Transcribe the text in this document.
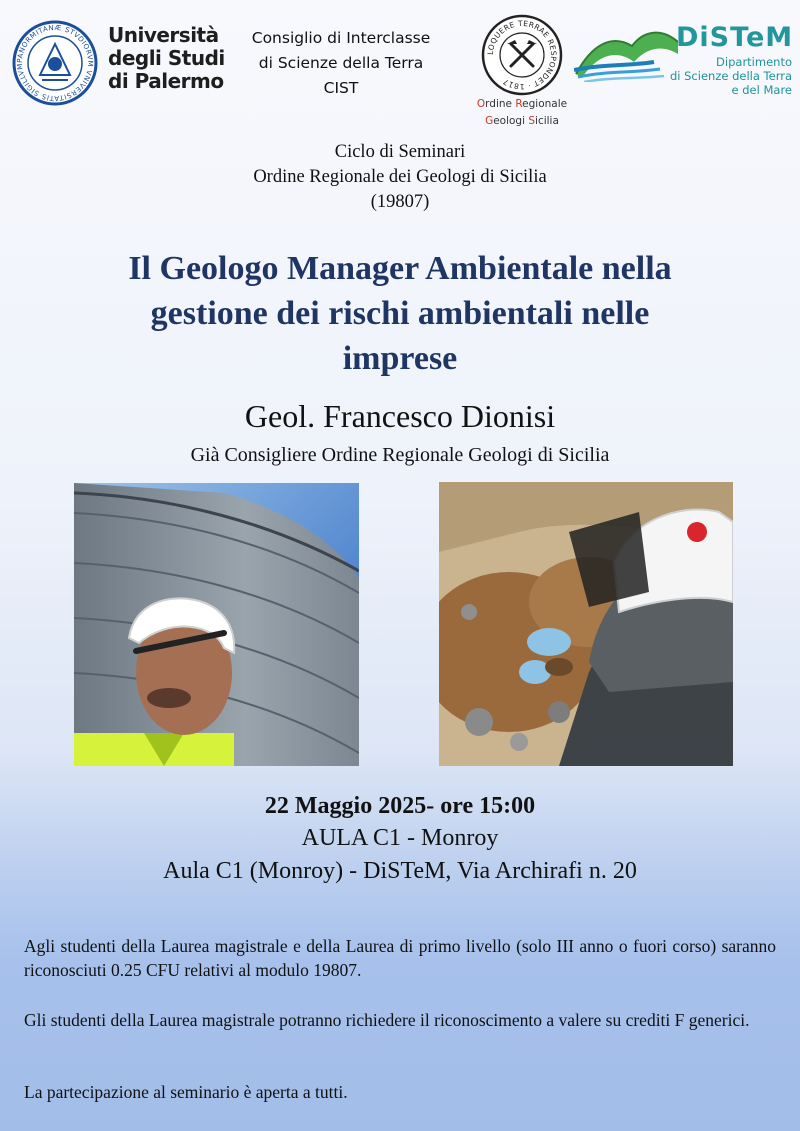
PANORMITANÆ STVDIORVM VNIVERSITATIS SIGILLVM
Università
degli Studi
di Palermo
Consiglio di Interclasse
di Scienze della Terra
CIST
LOQUERE TERRAE RESPONDET · 1817
Ordine Regionale
Geologi Sicilia
DiSTeM
Dipartimento
di Scienze della Terra
e del Mare
Ciclo di Seminari
Ordine Regionale dei Geologi di Sicilia
(19807)
Il Geologo Manager Ambientale nella
gestione dei rischi ambientali nelle
imprese
Geol. Francesco Dionisi
Già Consigliere Ordine Regionale Geologi di Sicilia
22 Maggio 2025- ore 15:00
AULA C1 - Monroy
Aula C1 (Monroy) - DiSTeM, Via Archirafi n. 20
Agli studenti della Laurea magistrale e della Laurea di primo livello (solo III anno o fuori corso) saranno riconosciuti 0.25 CFU relativi al modulo 19807.
Gli studenti della Laurea magistrale potranno richiedere il riconoscimento a valere su crediti F generici.
La partecipazione al seminario è aperta a tutti.
